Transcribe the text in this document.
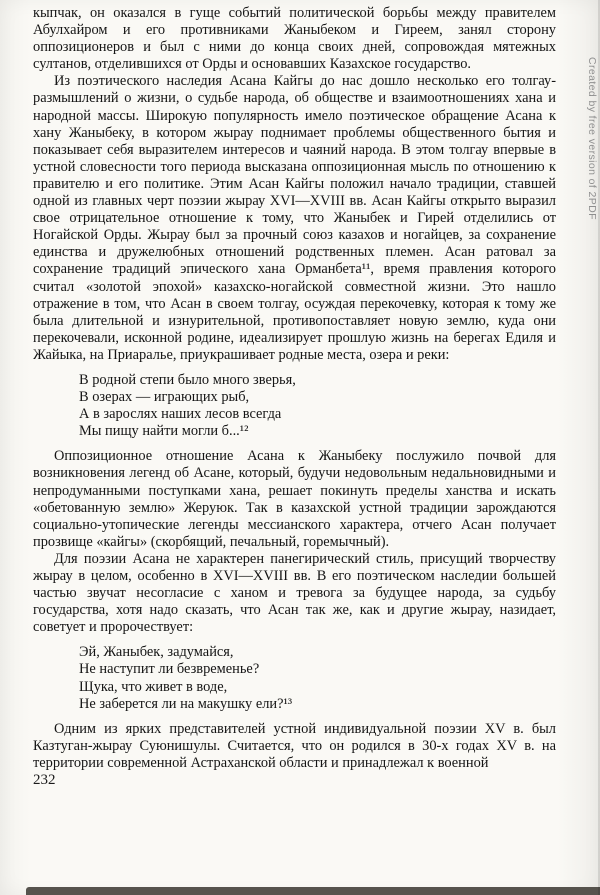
кыпчак, он оказался в гуще событий политической борьбы между правителем Абулхайром и его противниками Жаныбеком и Гиреем, занял сторону оппозиционеров и был с ними до конца своих дней, сопровождая мятежных султанов, отделившихся от Орды и основавших Казахское государство.

Из поэтического наследия Асана Кайгы до нас дошло несколько его толгау-размышлений о жизни, о судьбе народа, об обществе и взаимоотношениях хана и народной массы. Широкую популярность имело поэтическое обращение Асана к хану Жаныбеку, в котором жырау поднимает проблемы общественного бытия и показывает себя выразителем интересов и чаяний народа. В этом толгау впервые в устной словесности того периода высказана оппозиционная мысль по отношению к правителю и его политике. Этим Асан Кайгы положил начало традиции, ставшей одной из главных черт поэзии жырау XVI—XVIII вв. Асан Кайгы открыто выразил свое отрицательное отношение к тому, что Жаныбек и Гирей отделились от Ногайской Орды. Жырау был за прочный союз казахов и ногайцев, за сохранение единства и дружелюбных отношений родственных племен. Асан ратовал за сохранение традиций эпического хана Орманбета¹¹, время правления которого считал «золотой эпохой» казахско-ногайской совместной жизни. Это нашло отражение в том, что Асан в своем толгау, осуждая перекочевку, которая к тому же была длительной и изнурительной, противопоставляет новую землю, куда они перекочевали, исконной родине, идеализирует прошлую жизнь на берегах Едиля и Жайыка, на Приаралье, приукрашивает родные места, озера и реки:

В родной степи было много зверья,
В озерах — играющих рыб,
А в зарослях наших лесов всегда
Мы пищу найти могли б...¹²

Оппозиционное отношение Асана к Жаныбеку послужило почвой для возникновения легенд об Асане, который, будучи недовольным недальновидными и непродуманными поступками хана, решает покинуть пределы ханства и искать «обетованную землю» Жеруюк. Так в казахской устной традиции зарождаются социально-утопические легенды мессианского характера, отчего Асан получает прозвище «кайгы» (скорбящий, печальный, горемычный).

Для поэзии Асана не характерен панегирический стиль, присущий творчеству жырау в целом, особенно в XVI—XVIII вв. В его поэтическом наследии большей частью звучат несогласие с ханом и тревога за будущее народа, за судьбу государства, хотя надо сказать, что Асан так же, как и другие жырау, назидает, советует и пророчествует:

Эй, Жаныбек, задумайся,
Не наступит ли безвременье?
Щука, что живет в воде,
Не заберется ли на макушку ели?¹³

Одним из ярких представителей устной индивидуальной поэзии XV в. был Казтуган-жырау Суюнишулы. Считается, что он родился в 30-х годах XV в. на территории современной Астраханской области и принадлежал к военной

232

Created by free version of 2PDF
